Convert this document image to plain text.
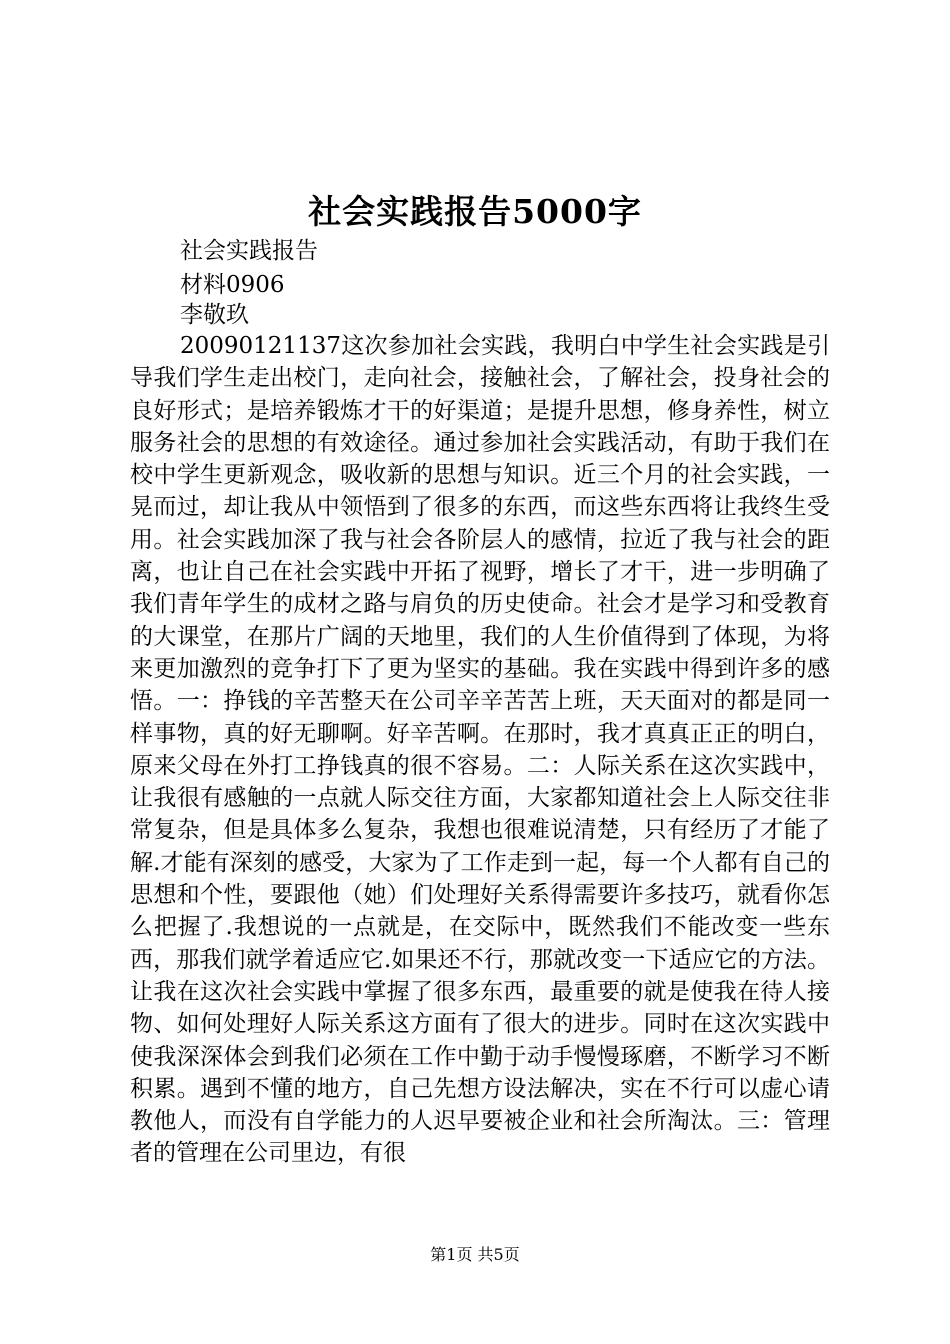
社会实践报告5000字

社会实践报告

材料0906

李敬玖

20090121137这次参加社会实践，我明白中学生社会实践是引导我们学生走出校门，走向社会，接触社会，了解社会，投身社会的良好形式；是培养锻炼才干的好渠道；是提升思想，修身养性，树立服务社会的思想的有效途径。通过参加社会实践活动，有助于我们在校中学生更新观念，吸收新的思想与知识。近三个月的社会实践，一晃而过，却让我从中领悟到了很多的东西，而这些东西将让我终生受用。社会实践加深了我与社会各阶层人的感情，拉近了我与社会的距离，也让自己在社会实践中开拓了视野，增长了才干，进一步明确了我们青年学生的成材之路与肩负的历史使命。社会才是学习和受教育的大课堂，在那片广阔的天地里，我们的人生价值得到了体现，为将来更加激烈的竞争打下了更为坚实的基础。我在实践中得到许多的感悟。一：挣钱的辛苦整天在公司辛辛苦苦上班，天天面对的都是同一样事物，真的好无聊啊。好辛苦啊。在那时，我才真真正正的明白，原来父母在外打工挣钱真的很不容易。二：人际关系在这次实践中，让我很有感触的一点就人际交往方面，大家都知道社会上人际交往非常复杂，但是具体多么复杂，我想也很难说清楚，只有经历了才能了解.才能有深刻的感受，大家为了工作走到一起，每一个人都有自己的思想和个性，要跟他（她）们处理好关系得需要许多技巧，就看你怎么把握了.我想说的一点就是，在交际中，既然我们不能改变一些东西，那我们就学着适应它.如果还不行，那就改变一下适应它的方法。让我在这次社会实践中掌握了很多东西，最重要的就是使我在待人接物、如何处理好人际关系这方面有了很大的进步。同时在这次实践中使我深深体会到我们必须在工作中勤于动手慢慢琢磨，不断学习不断积累。遇到不懂的地方，自己先想方设法解决，实在不行可以虚心请教他人，而没有自学能力的人迟早要被企业和社会所淘汰。三：管理者的管理在公司里边，有很

第1页 共5页
